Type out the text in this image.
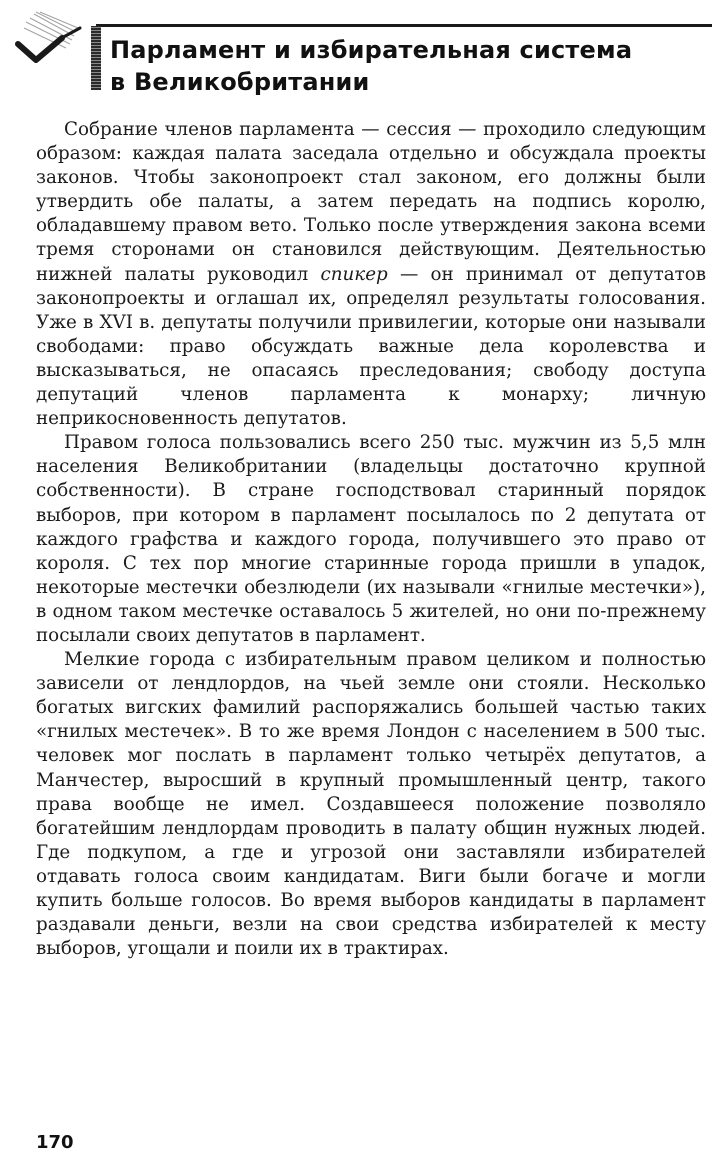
Парламент и избирательная система
в Великобритании

Собрание членов парламента — сессия — проходило следующим образом: каждая палата заседала отдельно и обсуждала проекты законов. Чтобы законопроект стал законом, его должны были утвердить обе палаты, а затем передать на подпись королю, обладавшему правом вето. Только после утверждения закона всеми тремя сторонами он становился действующим. Деятельностью нижней палаты руководил спикер — он принимал от депутатов законопроекты и оглашал их, определял результаты голосования. Уже в XVI в. депутаты получили привилегии, которые они называли свободами: право обсуждать важные дела королевства и высказываться, не опасаясь преследования; свободу доступа депутаций членов парламента к монарху; личную неприкосновенность депутатов.

Правом голоса пользовались всего 250 тыс. мужчин из 5,5 млн населения Великобритании (владельцы достаточно крупной собственности). В стране господствовал старинный порядок выборов, при котором в парламент посылалось по 2 депутата от каждого графства и каждого города, получившего это право от короля. С тех пор многие старинные города пришли в упадок, некоторые местечки обезлюдели (их называли «гнилые местечки»), в одном таком местечке оставалось 5 жителей, но они по-прежнему посылали своих депутатов в парламент.

Мелкие города с избирательным правом целиком и полностью зависели от лендлордов, на чьей земле они стояли. Несколько богатых вигских фамилий распоряжались большей частью таких «гнилых местечек». В то же время Лондон с населением в 500 тыс. человек мог послать в парламент только четырёх депутатов, а Манчестер, выросший в крупный промышленный центр, такого права вообще не имел. Создавшееся положение позволяло богатейшим лендлордам проводить в палату общин нужных людей. Где подкупом, а где и угрозой они заставляли избирателей отдавать голоса своим кандидатам. Виги были богаче и могли купить больше голосов. Во время выборов кандидаты в парламент раздавали деньги, везли на свои средства избирателей к месту выборов, угощали и поили их в трактирах.

170
